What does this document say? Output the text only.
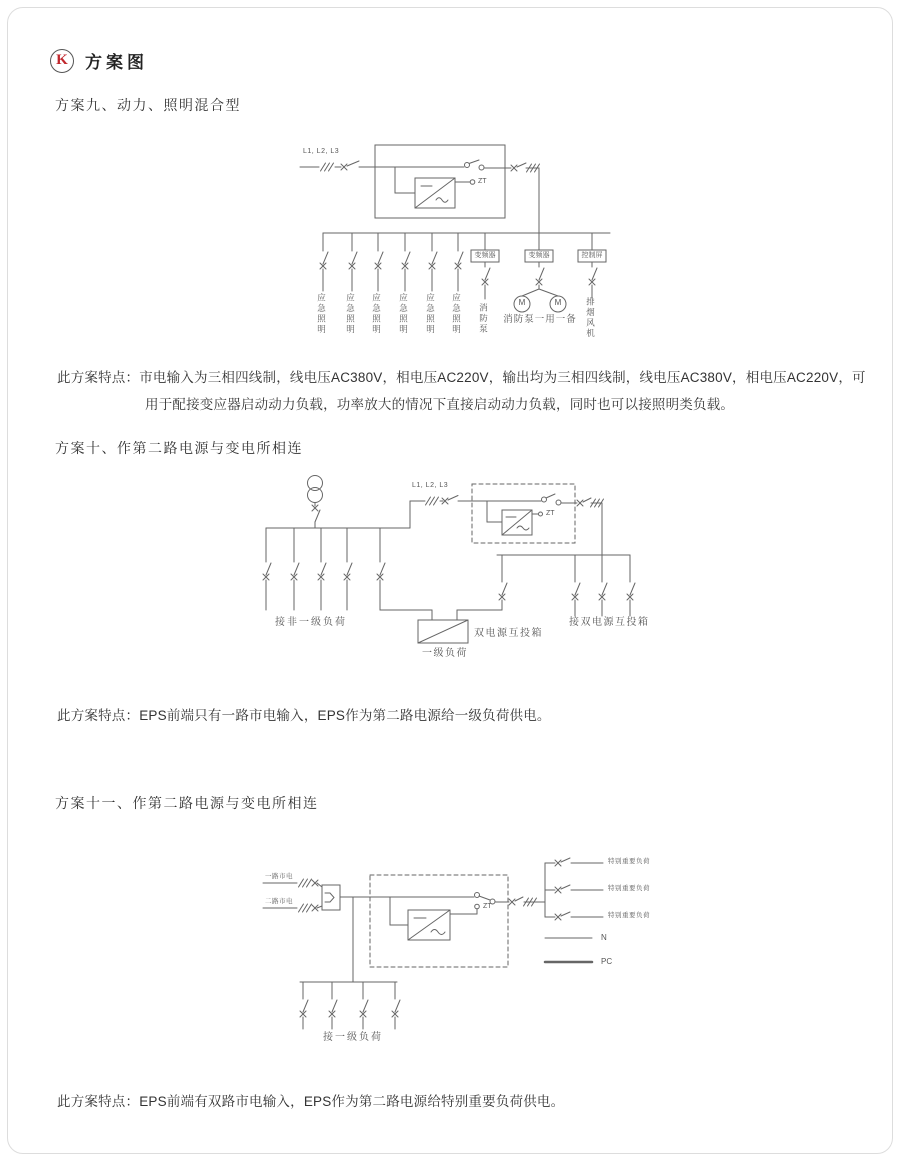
K	方案图
方案九、动力、照明混合型
L1, L2, L3
ZT
应急照明 应急照明 应急照明 应急照明 应急照明 应急照明
变频器	变频器	控制屏
消防泵
M	M
消防泵一用一备	排烟风机
此方案特点：市电输入为三相四线制，线电压AC380V，相电压AC220V，输出均为三相四线制，线电压AC380V，相电压AC220V，可用于配接变应器启动动力负载，功率放大的情况下直接启动动力负载，同时也可以接照明类负载。
方案十、作第二路电源与变电所相连
L1, L2, L3
ZT
接非一级负荷
双电源互投箱
一级负荷
接双电源互投箱
此方案特点：EPS前端只有一路市电输入，EPS作为第二路电源给一级负荷供电。
方案十一、作第二路电源与变电所相连
一路市电
二路市电
ZT
特别重要负荷
特别重要负荷
特别重要负荷
N
PC
接一级负荷
此方案特点：EPS前端有双路市电输入，EPS作为第二路电源给特别重要负荷供电。
